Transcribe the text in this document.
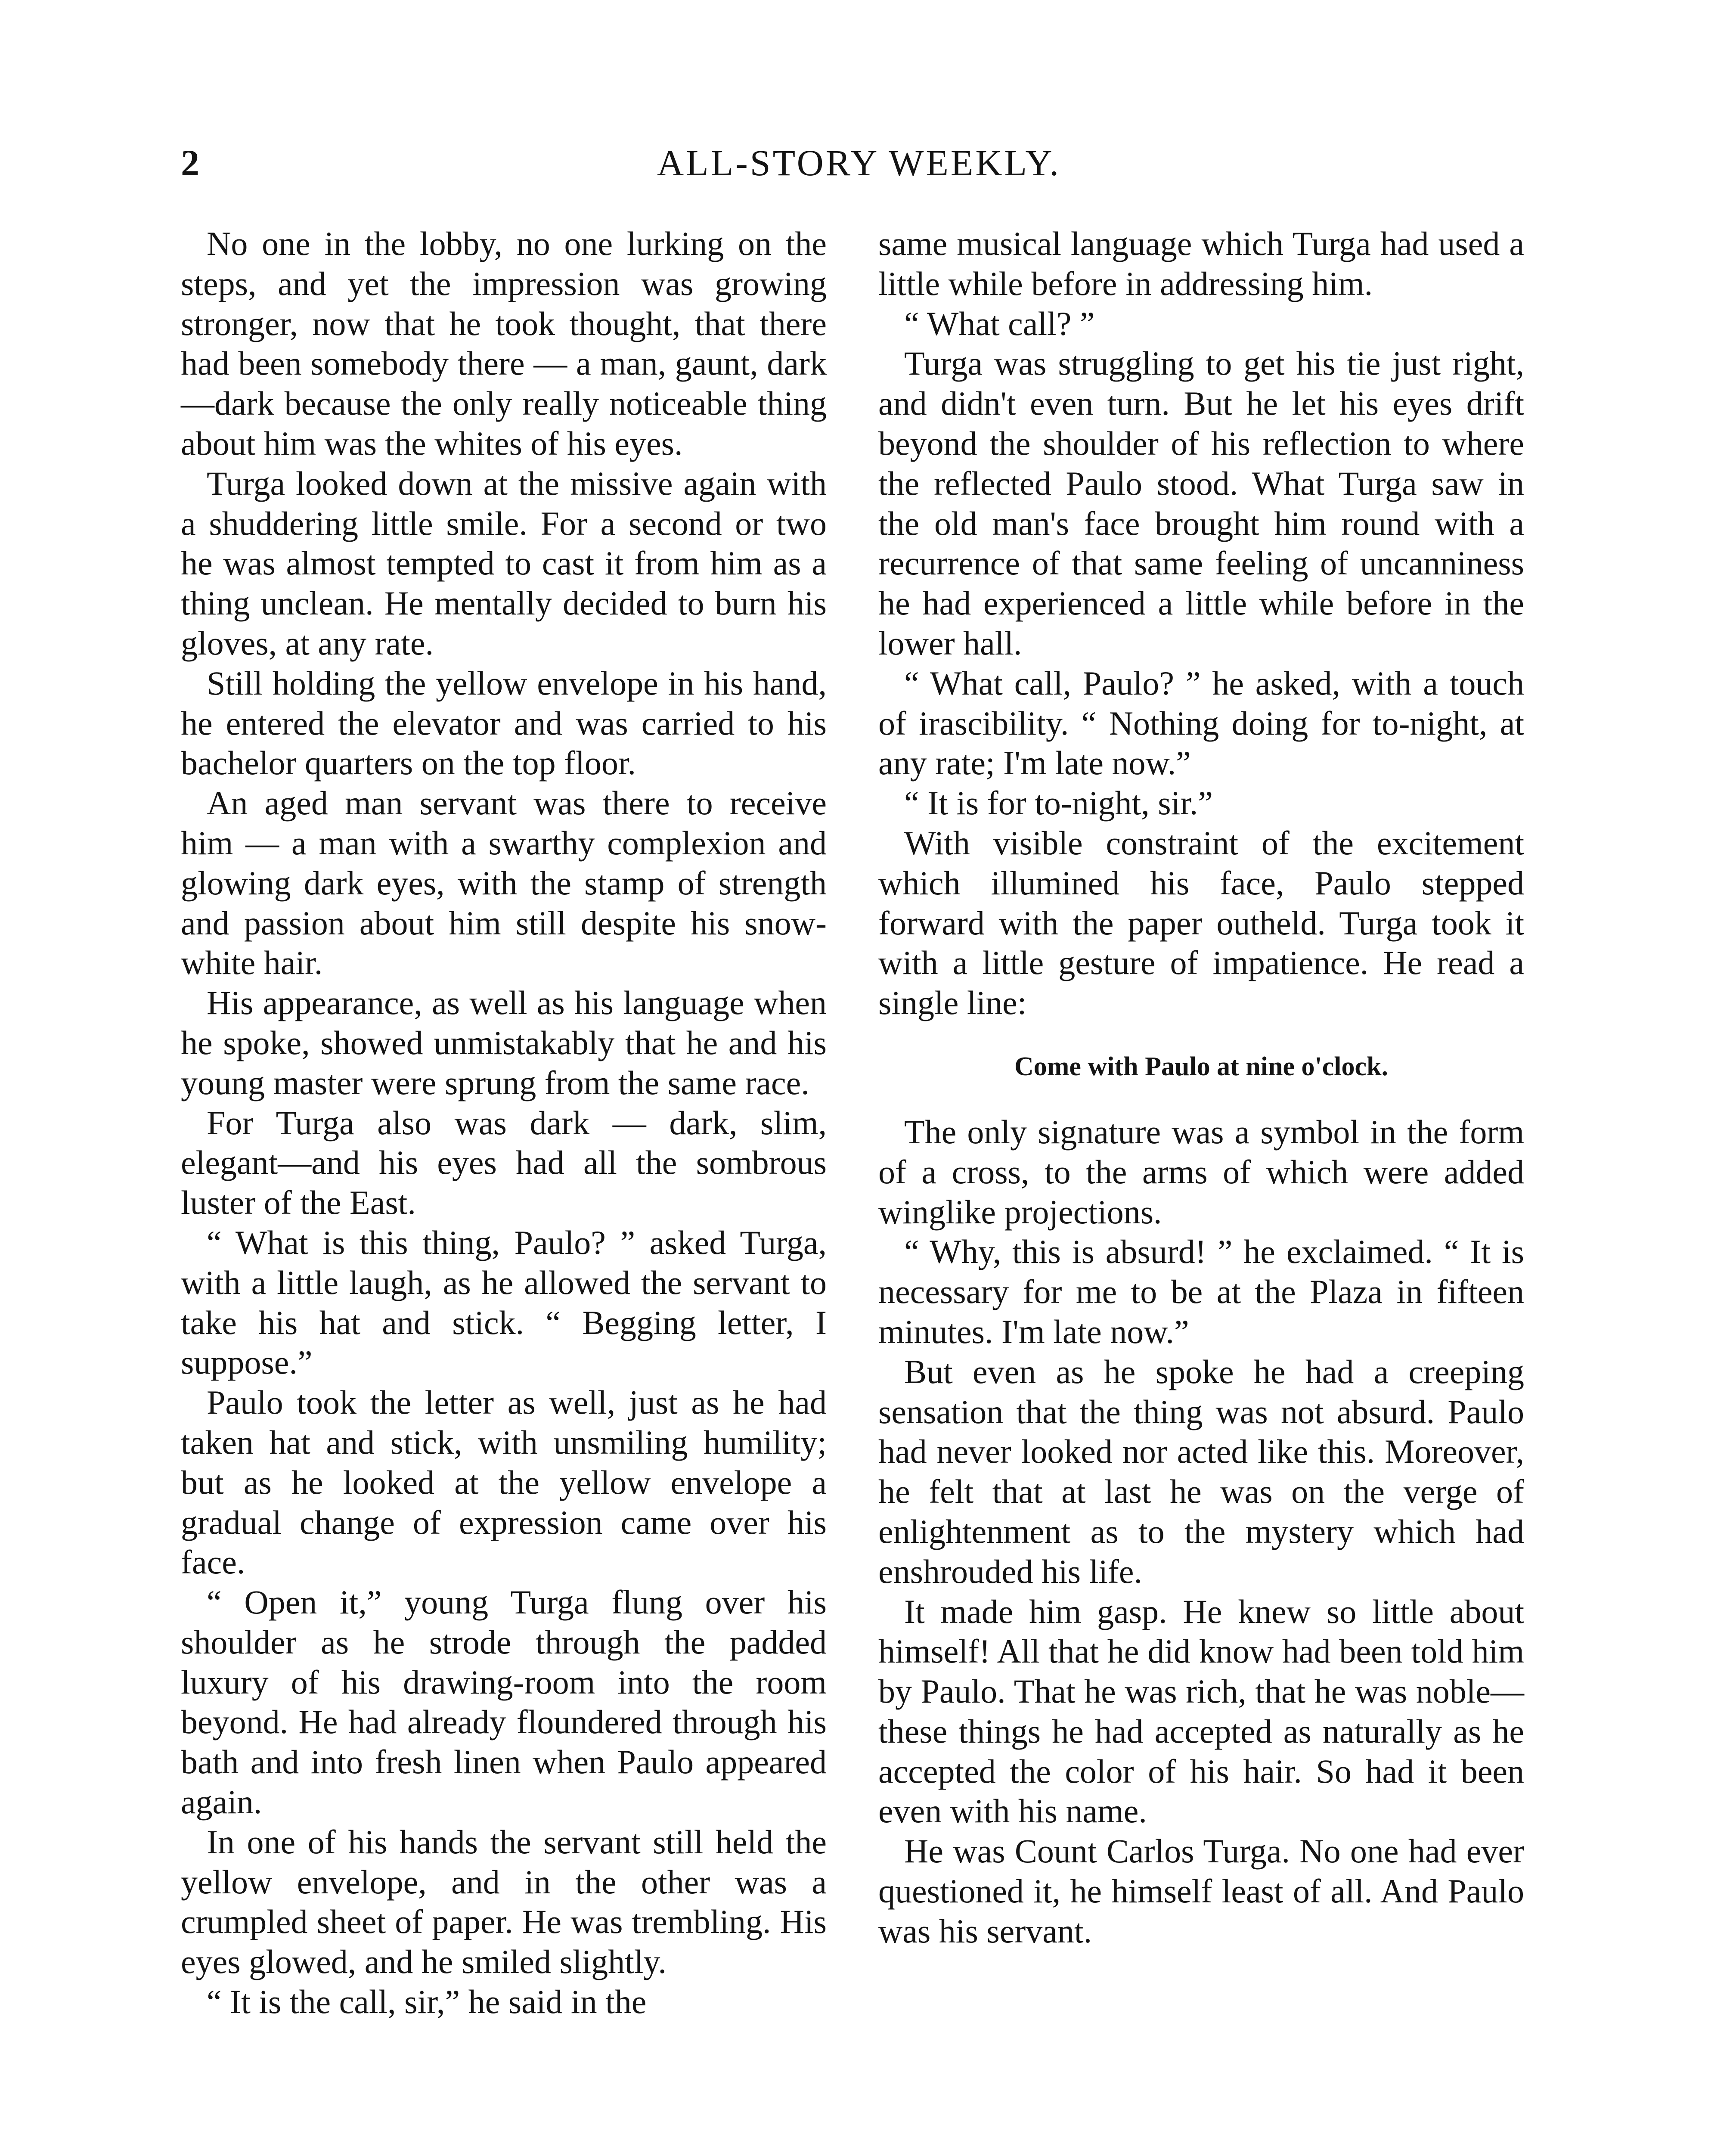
2	ALL-STORY WEEKLY.

No one in the lobby, no one lurking on the steps, and yet the impression was growing stronger, now that he took thought, that there had been somebody there — a man, gaunt, dark —dark because the only really noticeable thing about him was the whites of his eyes.

Turga looked down at the missive again with a shuddering little smile. For a second or two he was almost tempted to cast it from him as a thing unclean. He mentally decided to burn his gloves, at any rate.

Still holding the yellow envelope in his hand, he entered the elevator and was carried to his bachelor quarters on the top floor.

An aged man servant was there to receive him — a man with a swarthy complexion and glowing dark eyes, with the stamp of strength and passion about him still despite his snow-white hair.

His appearance, as well as his language when he spoke, showed unmistakably that he and his young master were sprung from the same race.

For Turga also was dark — dark, slim, elegant—and his eyes had all the sombrous luster of the East.

“ What is this thing, Paulo? ” asked Turga, with a little laugh, as he allowed the servant to take his hat and stick. “ Begging letter, I suppose.”

Paulo took the letter as well, just as he had taken hat and stick, with unsmiling humility; but as he looked at the yellow envelope a gradual change of expression came over his face.

“ Open it,” young Turga flung over his shoulder as he strode through the padded luxury of his drawing-room into the room beyond. He had already floundered through his bath and into fresh linen when Paulo appeared again.

In one of his hands the servant still held the yellow envelope, and in the other was a crumpled sheet of paper. He was trembling. His eyes glowed, and he smiled slightly.

“ It is the call, sir,” he said in the

same musical language which Turga had used a little while before in addressing him.

“ What call? ”

Turga was struggling to get his tie just right, and didn't even turn. But he let his eyes drift beyond the shoulder of his reflection to where the reflected Paulo stood. What Turga saw in the old man's face brought him round with a recurrence of that same feeling of uncanniness he had experienced a little while before in the lower hall.

“ What call, Paulo? ” he asked, with a touch of irascibility. “ Nothing doing for to-night, at any rate; I'm late now.”

“ It is for to-night, sir.”

With visible constraint of the excitement which illumined his face, Paulo stepped forward with the paper outheld. Turga took it with a little gesture of impatience. He read a single line:

Come with Paulo at nine o'clock.

The only signature was a symbol in the form of a cross, to the arms of which were added winglike projections.

“ Why, this is absurd! ” he exclaimed. “ It is necessary for me to be at the Plaza in fifteen minutes. I'm late now.”

But even as he spoke he had a creeping sensation that the thing was not absurd. Paulo had never looked nor acted like this. Moreover, he felt that at last he was on the verge of enlightenment as to the mystery which had enshrouded his life.

It made him gasp. He knew so little about himself! All that he did know had been told him by Paulo. That he was rich, that he was noble— these things he had accepted as naturally as he accepted the color of his hair. So had it been even with his name.

He was Count Carlos Turga. No one had ever questioned it, he himself least of all. And Paulo was his servant.
